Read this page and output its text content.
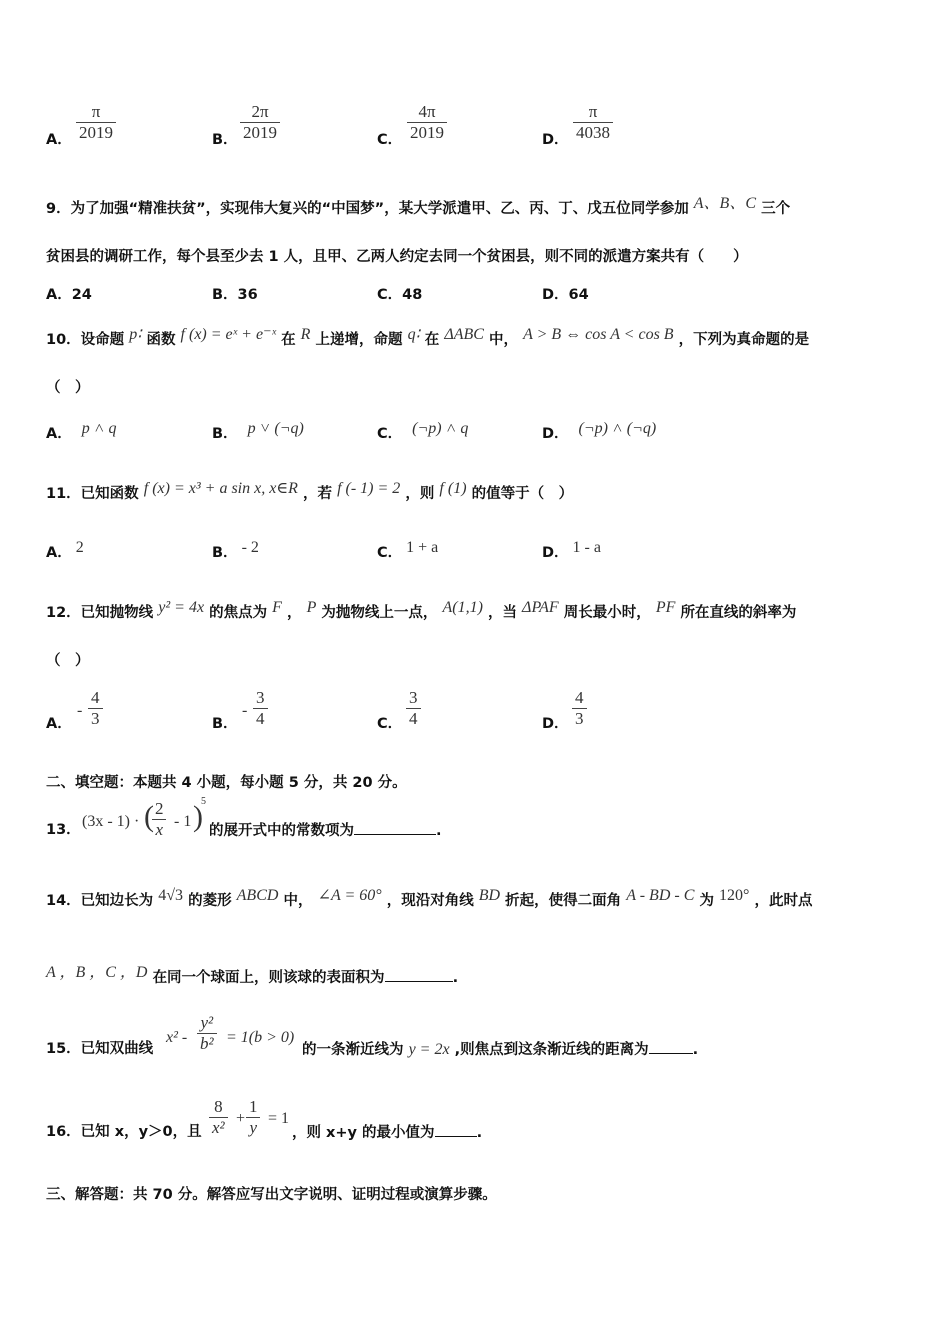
A． $\frac{\pi}{2019}$	B． $\frac{2\pi}{2019}$	C． $\frac{4\pi}{2019}$	D． $\frac{\pi}{4038}$
9．为了加强“精准扶贫”，实现伟大复兴的“中国梦”，某大学派遣甲、乙、丙、丁、戊五位同学参加 A、B、C 三个
贫困县的调研工作，每个县至少去 1 人，且甲、乙两人约定去同一个贫困县，则不同的派遣方案共有（　　）
A．24	B．36	C．48	D．64
10．设命题 p∶ 函数 f (x) = eˣ + e⁻ˣ 在 R 上递增，命题 q∶ 在 ΔABC 中， A > B ⇔ cos A < cos B ，下列为真命题的是
（　）
A． p ˄ q	B． p ˅ (¬q)	C． (¬p) ˄ q	D． (¬p) ˄ (¬q)
11．已知函数 f (x) = x³ + a sin x, x∈R ，若 f (- 1) = 2 ，则 f (1) 的值等于（　）
A． 2	B． - 2	C． 1 + a	D． 1 - a
12．已知抛物线 y² = 4x 的焦点为 F ， P 为抛物线上一点， A(1,1) ，当 ΔPAF 周长最小时， PF 所在直线的斜率为
（　）
A．
- $\frac{4}{3}$	B．
- $\frac{3}{4}$	C． $\frac{3}{4}$	D． $\frac{4}{3}$
二、填空题：本题共 4 小题，每小题 5 分，共 20 分。
13． (3x - 1) · (
$\frac{2}{x} - 1$ )
5
的展开式中的常数项为	.
14．已知边长为 4√3 的菱形 ABCD 中， ∠A = 60° ，现沿对角线 BD 折起，使得二面角 A - BD - C 为 120° ，此时点
A ，B ，C ，D 在同一个球面上，则该球的表面积为	.
15．已知双曲线
$x^2 - \frac{\text{y²}}{\text{b²}} = 1(b > 0)$
的一条渐近线为 y = 2x ,则焦点到这条渐近线的距离为	.
16．已知 x，y＞0，且 $\frac{8}{\text{x²}} + \frac{1}{y} = 1$
，则 x+y 的最小值为	.
三、解答题：共 70 分。解答应写出文字说明、证明过程或演算步骤。
